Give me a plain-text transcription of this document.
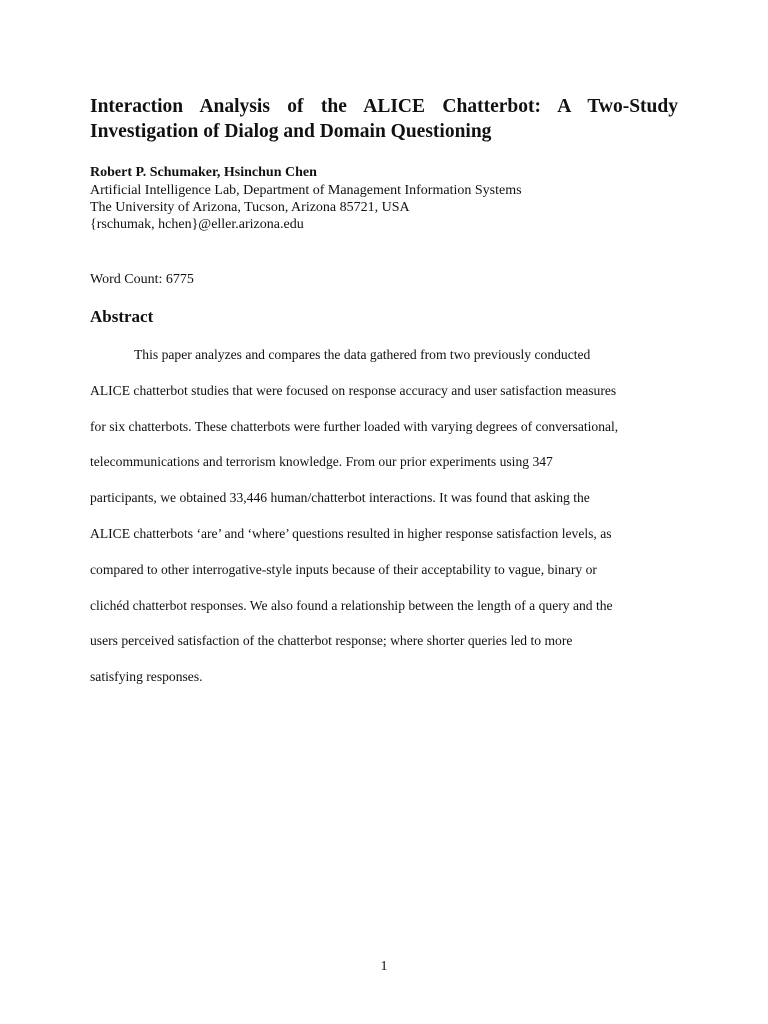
Interaction Analysis of the ALICE Chatterbot: A Two-Study Investigation of Dialog and Domain Questioning

Robert P. Schumaker, Hsinchun Chen

Artificial Intelligence Lab, Department of Management Information Systems

The University of Arizona, Tucson, Arizona 85721, USA

{rschumak, hchen}@eller.arizona.edu

Word Count: 6775

Abstract
This paper analyzes and compares the data gathered from two previously conducted
ALICE chatterbot studies that were focused on response accuracy and user satisfaction measures
for six chatterbots. These chatterbots were further loaded with varying degrees of conversational,
telecommunications and terrorism knowledge. From our prior experiments using 347
participants, we obtained 33,446 human/chatterbot interactions. It was found that asking the
ALICE chatterbots ‘are’ and ‘where’ questions resulted in higher response satisfaction levels, as
compared to other interrogative-style inputs because of their acceptability to vague, binary or
clichéd chatterbot responses. We also found a relationship between the length of a query and the
users perceived satisfaction of the chatterbot response; where shorter queries led to more
satisfying responses.

1
